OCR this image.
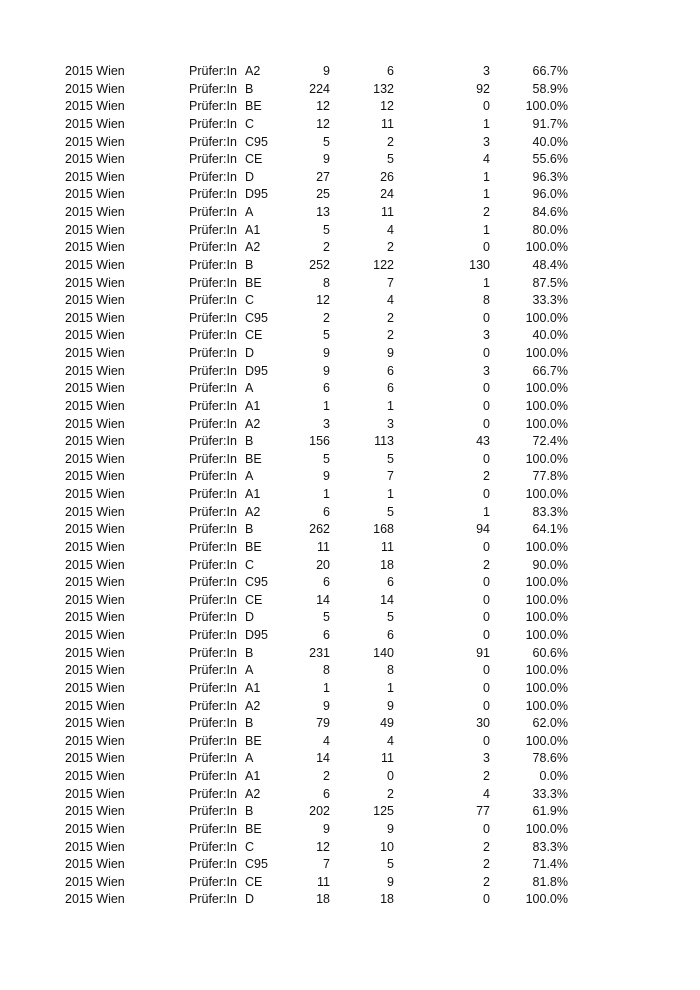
2015 Wien	Prüfer:In A2	9	6	3	66.7%
2015 Wien	Prüfer:In B	224	132	92	58.9%
2015 Wien	Prüfer:In BE	12	12	0	100.0%
2015 Wien	Prüfer:In C	12	11	1	91.7%
2015 Wien	Prüfer:In C95	5	2	3	40.0%
2015 Wien	Prüfer:In CE	9	5	4	55.6%
2015 Wien	Prüfer:In D	27	26	1	96.3%
2015 Wien	Prüfer:In D95	25	24	1	96.0%
2015 Wien	Prüfer:In A	13	11	2	84.6%
2015 Wien	Prüfer:In A1	5	4	1	80.0%
2015 Wien	Prüfer:In A2	2	2	0	100.0%
2015 Wien	Prüfer:In B	252	122	130	48.4%
2015 Wien	Prüfer:In BE	8	7	1	87.5%
2015 Wien	Prüfer:In C	12	4	8	33.3%
2015 Wien	Prüfer:In C95	2	2	0	100.0%
2015 Wien	Prüfer:In CE	5	2	3	40.0%
2015 Wien	Prüfer:In D	9	9	0	100.0%
2015 Wien	Prüfer:In D95	9	6	3	66.7%
2015 Wien	Prüfer:In A	6	6	0	100.0%
2015 Wien	Prüfer:In A1	1	1	0	100.0%
2015 Wien	Prüfer:In A2	3	3	0	100.0%
2015 Wien	Prüfer:In B	156	113	43	72.4%
2015 Wien	Prüfer:In BE	5	5	0	100.0%
2015 Wien	Prüfer:In A	9	7	2	77.8%
2015 Wien	Prüfer:In A1	1	1	0	100.0%
2015 Wien	Prüfer:In A2	6	5	1	83.3%
2015 Wien	Prüfer:In B	262	168	94	64.1%
2015 Wien	Prüfer:In BE	11	11	0	100.0%
2015 Wien	Prüfer:In C	20	18	2	90.0%
2015 Wien	Prüfer:In C95	6	6	0	100.0%
2015 Wien	Prüfer:In CE	14	14	0	100.0%
2015 Wien	Prüfer:In D	5	5	0	100.0%
2015 Wien	Prüfer:In D95	6	6	0	100.0%
2015 Wien	Prüfer:In B	231	140	91	60.6%
2015 Wien	Prüfer:In A	8	8	0	100.0%
2015 Wien	Prüfer:In A1	1	1	0	100.0%
2015 Wien	Prüfer:In A2	9	9	0	100.0%
2015 Wien	Prüfer:In B	79	49	30	62.0%
2015 Wien	Prüfer:In BE	4	4	0	100.0%
2015 Wien	Prüfer:In A	14	11	3	78.6%
2015 Wien	Prüfer:In A1	2	0	2	0.0%
2015 Wien	Prüfer:In A2	6	2	4	33.3%
2015 Wien	Prüfer:In B	202	125	77	61.9%
2015 Wien	Prüfer:In BE	9	9	0	100.0%
2015 Wien	Prüfer:In C	12	10	2	83.3%
2015 Wien	Prüfer:In C95	7	5	2	71.4%
2015 Wien	Prüfer:In CE	11	9	2	81.8%
2015 Wien	Prüfer:In D	18	18	0	100.0%
